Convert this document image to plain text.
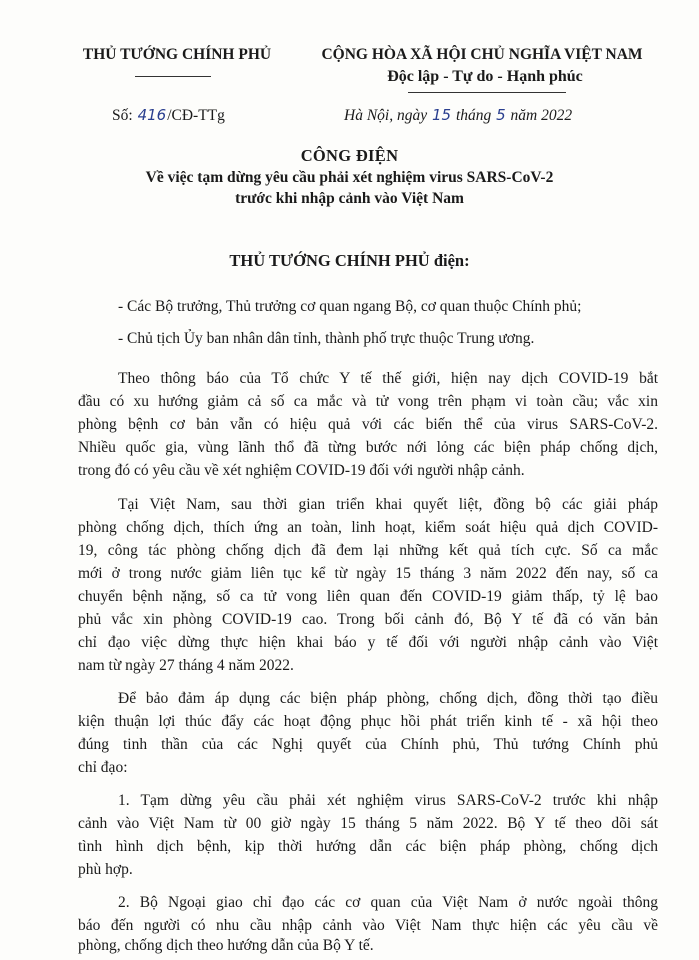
THỦ TƯỚNG CHÍNH PHỦ	CỘNG HÒA XÃ HỘI CHỦ NGHĨA VIỆT NAM
Độc lập - Tự do - Hạnh phúc
Số: 416/CĐ-TTg	Hà Nội, ngày 15 tháng 5 năm 2022
CÔNG ĐIỆN
Về việc tạm dừng yêu cầu phải xét nghiệm virus SARS-CoV-2
trước khi nhập cảnh vào Việt Nam
THỦ TƯỚNG CHÍNH PHỦ điện:
- Các Bộ trưởng, Thủ trưởng cơ quan ngang Bộ, cơ quan thuộc Chính phủ;
- Chủ tịch Ủy ban nhân dân tỉnh, thành phố trực thuộc Trung ương.
Theo thông báo của Tổ chức Y tế thế giới, hiện nay dịch COVID-19 bắt
đầu có xu hướng giảm cả số ca mắc và tử vong trên phạm vi toàn cầu; vắc xin
phòng bệnh cơ bản vẫn có hiệu quả với các biến thể của virus SARS-CoV-2.
Nhiều quốc gia, vùng lãnh thổ đã từng bước nới lỏng các biện pháp chống dịch,
trong đó có yêu cầu về xét nghiệm COVID-19 đối với người nhập cảnh.
Tại Việt Nam, sau thời gian triển khai quyết liệt, đồng bộ các giải pháp
phòng chống dịch, thích ứng an toàn, linh hoạt, kiểm soát hiệu quả dịch COVID-
19, công tác phòng chống dịch đã đem lại những kết quả tích cực. Số ca mắc
mới ở trong nước giảm liên tục kể từ ngày 15 tháng 3 năm 2022 đến nay, số ca
chuyển bệnh nặng, số ca tử vong liên quan đến COVID-19 giảm thấp, tỷ lệ bao
phủ vắc xin phòng COVID-19 cao. Trong bối cảnh đó, Bộ Y tế đã có văn bản
chỉ đạo việc dừng thực hiện khai báo y tế đối với người nhập cảnh vào Việt
nam từ ngày 27 tháng 4 năm 2022.
Để bảo đảm áp dụng các biện pháp phòng, chống dịch, đồng thời tạo điều
kiện thuận lợi thúc đẩy các hoạt động phục hồi phát triển kinh tế - xã hội theo
đúng tinh thần của các Nghị quyết của Chính phủ, Thủ tướng Chính phủ
chỉ đạo:
1. Tạm dừng yêu cầu phải xét nghiệm virus SARS-CoV-2 trước khi nhập
cảnh vào Việt Nam từ 00 giờ ngày 15 tháng 5 năm 2022. Bộ Y tế theo dõi sát
tình hình dịch bệnh, kịp thời hướng dẫn các biện pháp phòng, chống dịch
phù hợp.
2. Bộ Ngoại giao chỉ đạo các cơ quan của Việt Nam ở nước ngoài thông
báo đến người có nhu cầu nhập cảnh vào Việt Nam thực hiện các yêu cầu về
phòng, chống dịch theo hướng dẫn của Bộ Y tế.
